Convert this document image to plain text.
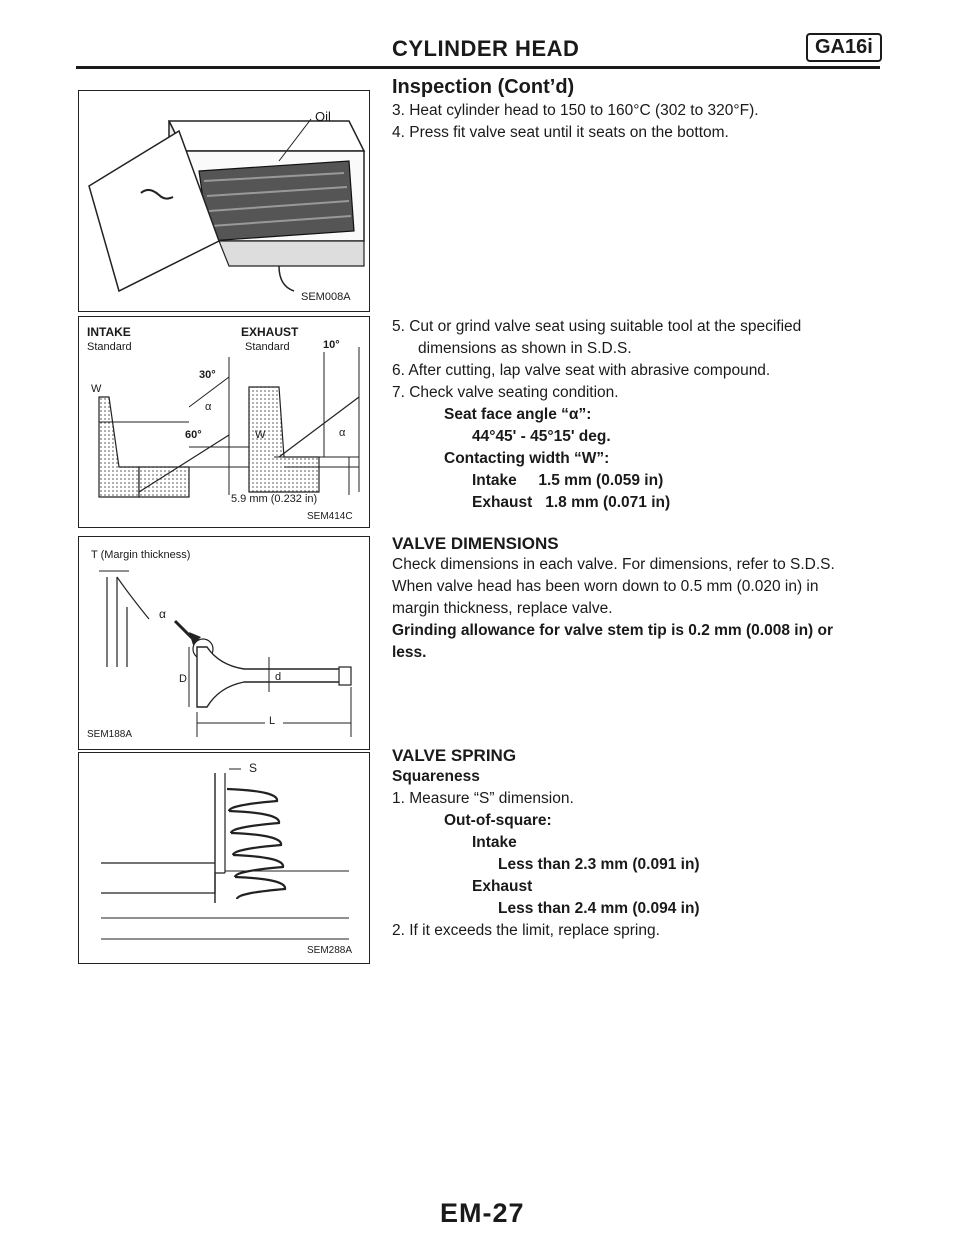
CYLINDER HEAD	GA16i
Inspection (Cont’d)
3. Heat cylinder head to 150 to 160°C (302 to 320°F).
4. Press fit valve seat until it seats on the bottom.
5. Cut or grind valve seat using suitable tool at the specified
dimensions as shown in S.D.S.
6. After cutting, lap valve seat with abrasive compound.
7. Check valve seating condition.
Seat face angle “α”:
44°45' - 45°15' deg.
Contacting width “W”:
Intake     1.5 mm (0.059 in)
Exhaust   1.8 mm (0.071 in)
VALVE DIMENSIONS
Check dimensions in each valve. For dimensions, refer to S.D.S.
When valve head has been worn down to 0.5 mm (0.020 in) in
margin thickness, replace valve.
Grinding allowance for valve stem tip is 0.2 mm (0.008 in) or
less.
VALVE SPRING
Squareness
1. Measure “S” dimension.
Out-of-square:
Intake
Less than 2.3 mm (0.091 in)
Exhaust
Less than 2.4 mm (0.094 in)
2. If it exceeds the limit, replace spring.
Oil
SEM008A
INTAKE
Standard
EXHAUST
Standard	10°
30°
60°
W
W
α
α
5.9 mm (0.232 in)
SEM414C
T (Margin thickness)
α
D	d
L
SEM188A
S
SEM288A
EM-27
